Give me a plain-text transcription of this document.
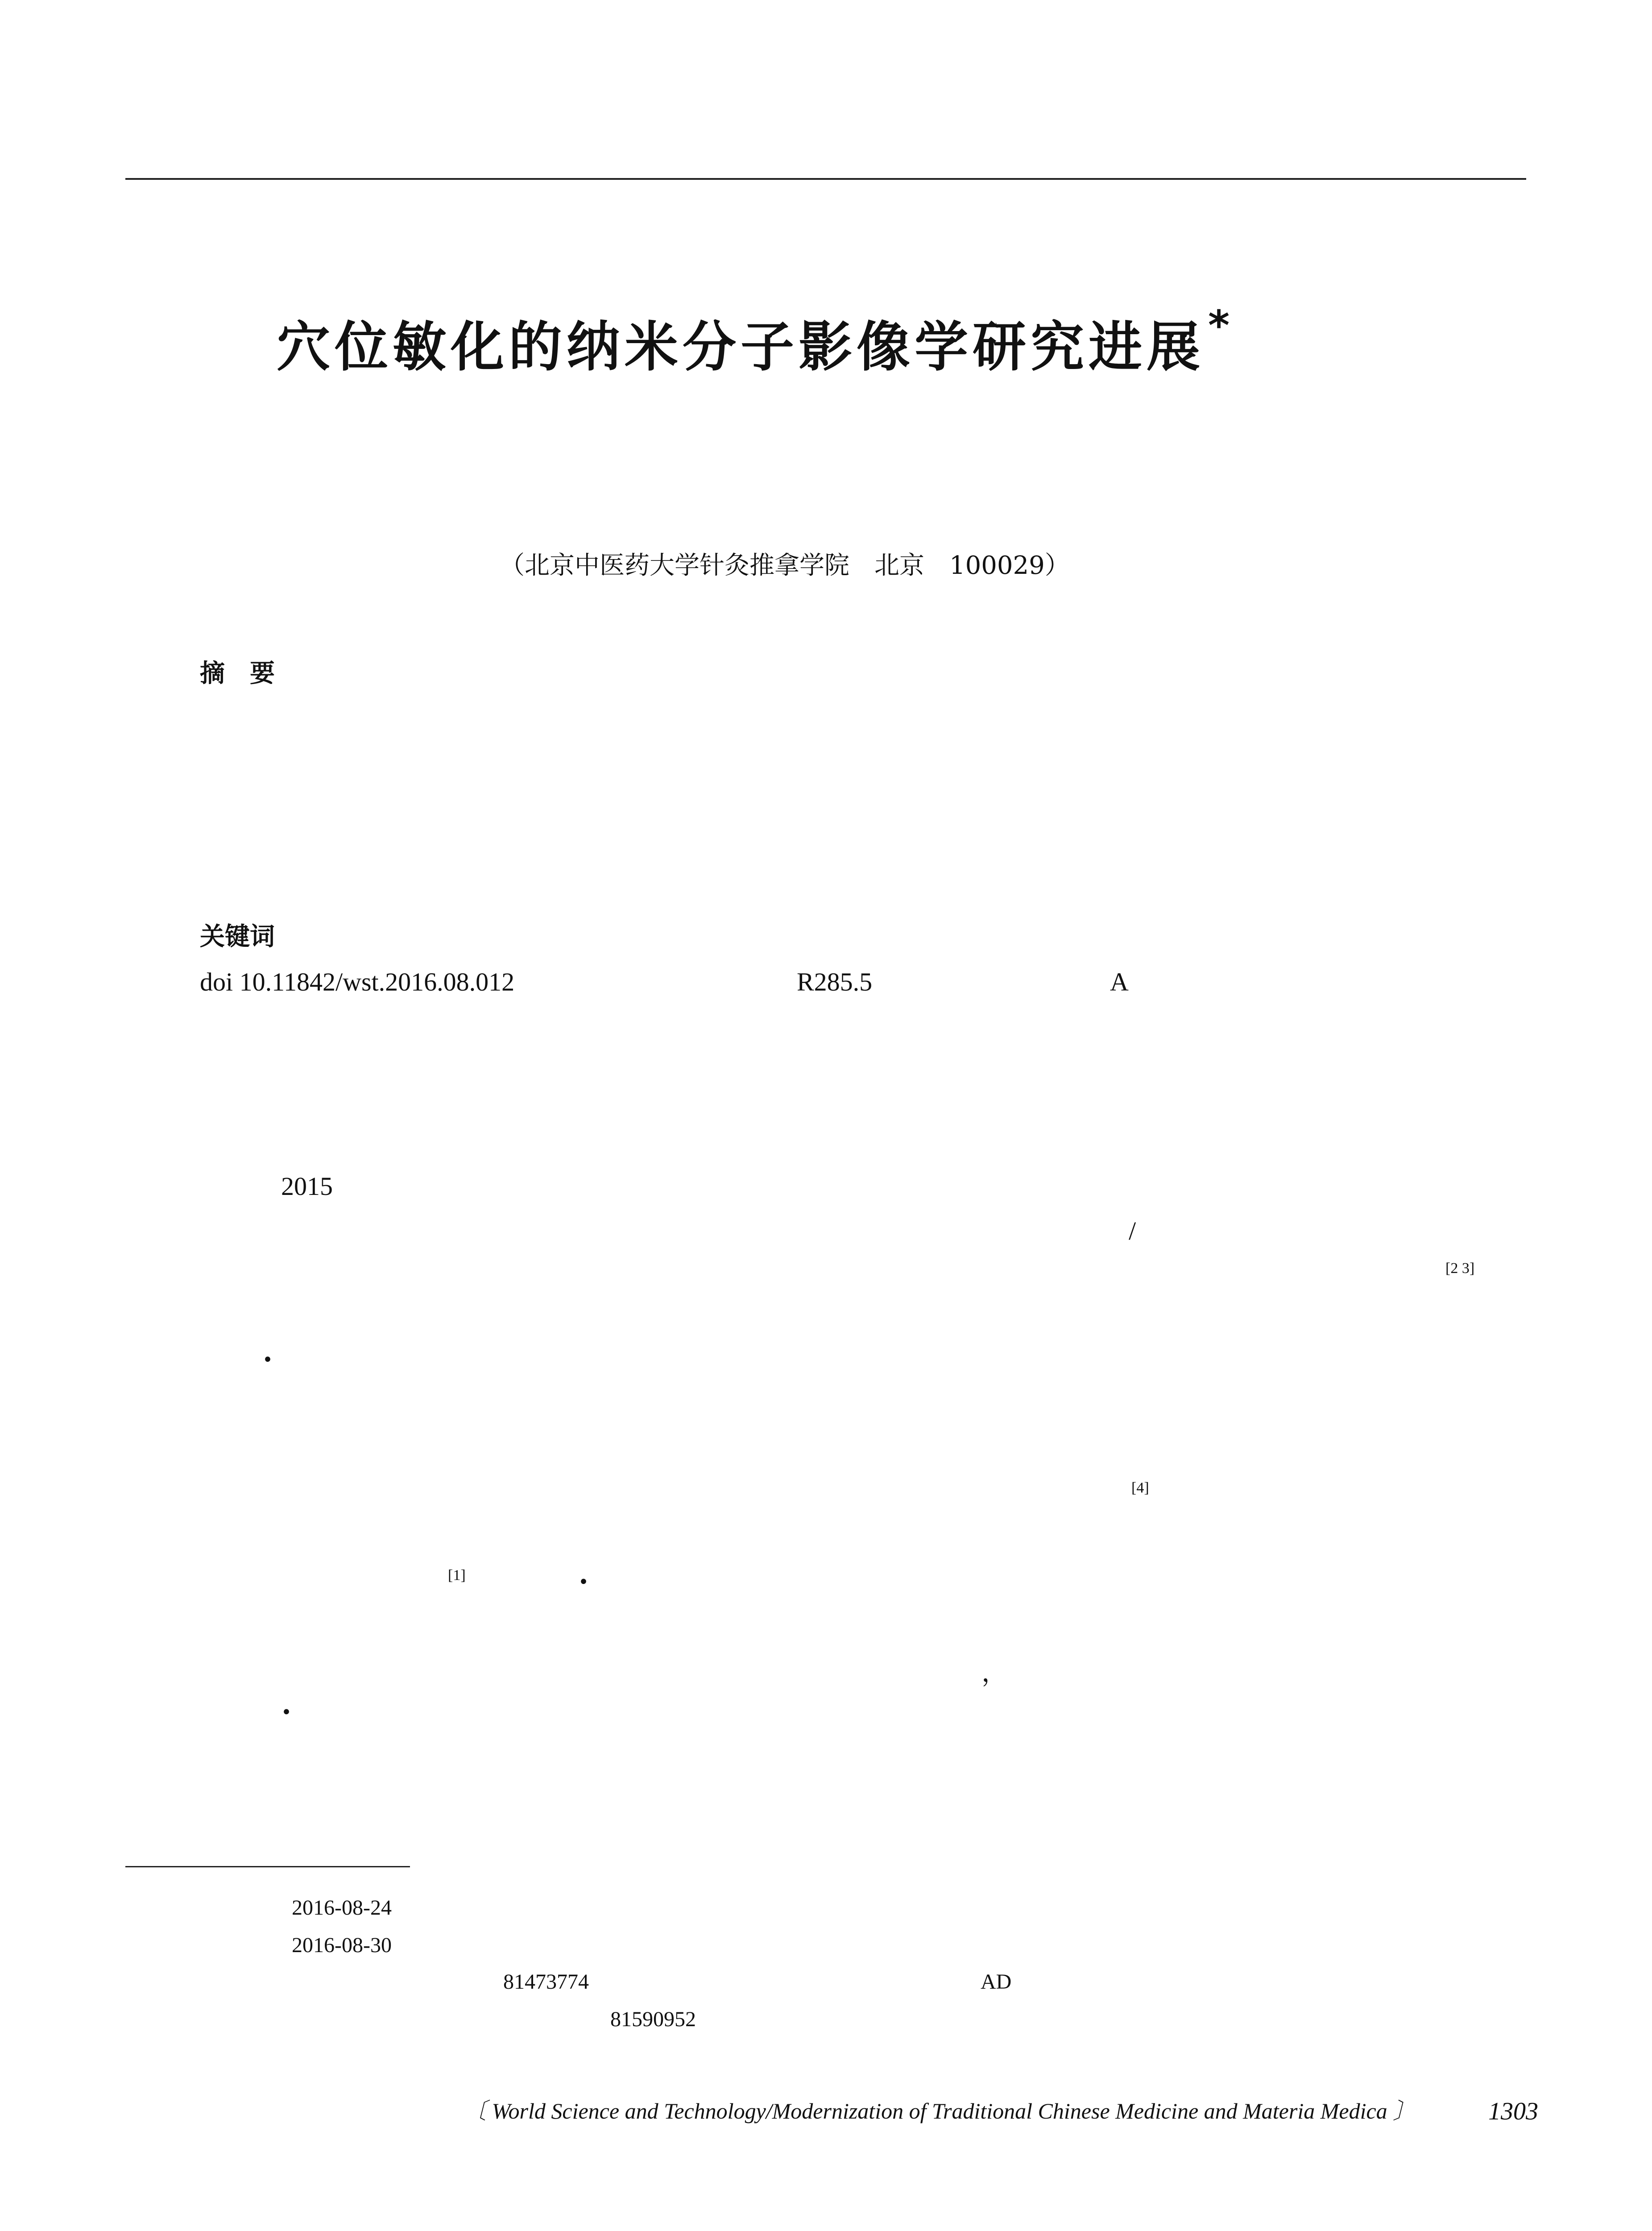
穴位敏化的纳米分子影像学研究进展*
（北京中医药大学针灸推拿学院　北京　100029）
摘　要
关键词
doi 10.11842/wst.2016.08.012	R285.5	A
2015
/
[2 3]
·
[4]
[1]	·
，
·
2016-08-24
2016-08-30
81473774	AD
81590952
〔 World Science and Technology/Modernization of Traditional Chinese Medicine and Materia Medica 〕	1303
